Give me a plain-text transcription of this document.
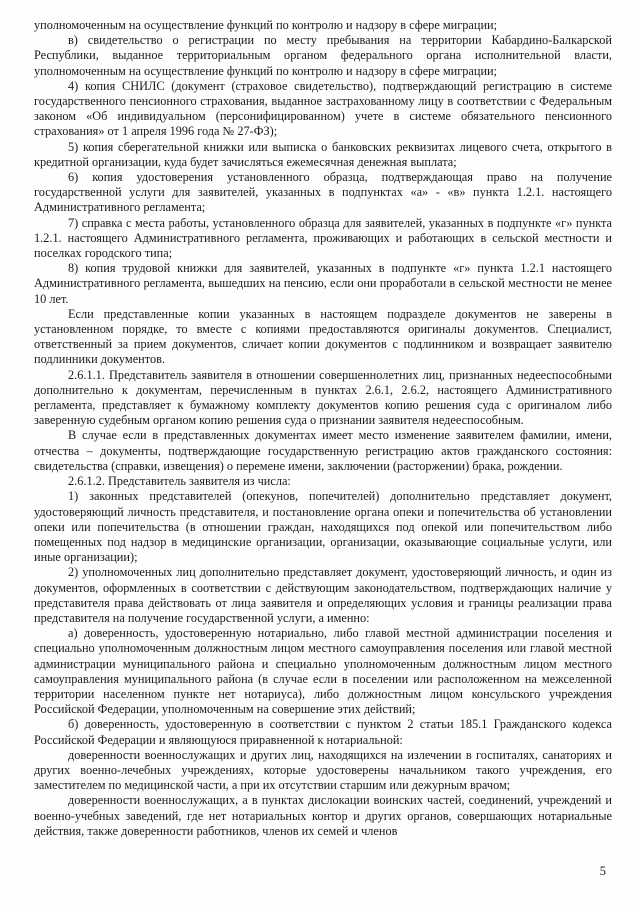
уполномоченным на осуществление функций по контролю и надзору в сфере миграции;

в) свидетельство о регистрации по месту пребывания на территории Кабардино-Балкарской Республики, выданное территориальным органом федерального органа исполнительной власти, уполномоченным на осуществление функций по контролю и надзору в сфере миграции;

4) копия СНИЛС (документ (страховое свидетельство), подтверждающий регистрацию в системе государственного пенсионного страхования, выданное застрахованному лицу в соответствии с Федеральным законом «Об индивидуальном (персонифицированном) учете в системе обязательного пенсионного страхования» от 1 апреля 1996 года № 27-ФЗ);

5) копия сберегательной книжки или выписка о банковских реквизитах лицевого счета, открытого в кредитной организации, куда будет зачисляться ежемесячная денежная выплата;

6) копия удостоверения установленного образца, подтверждающая право на получение государственной услуги для заявителей, указанных в подпунктах «а» - «в» пункта 1.2.1. настоящего Административного регламента;

7) справка с места работы, установленного образца для заявителей, указанных в подпункте «г» пункта 1.2.1. настоящего Административного регламента, проживающих и работающих в сельской местности и поселках городского типа;

8) копия трудовой книжки для заявителей, указанных в подпункте «г» пункта 1.2.1 настоящего Административного регламента, вышедших на пенсию, если они проработали в сельской местности не менее 10 лет.

Если представленные копии указанных в настоящем подразделе документов не заверены в установленном порядке, то вместе с копиями предоставляются оригиналы документов. Специалист, ответственный за прием документов, сличает копии документов с подлинником и возвращает заявителю подлинники документов.

2.6.1.1. Представитель заявителя в отношении совершеннолетних лиц, признанных недееспособными дополнительно к документам, перечисленным в пунктах 2.6.1, 2.6.2, настоящего Административного регламента, представляет к бумажному комплекту документов копию решения суда с оригиналом либо заверенную судебным органом копию решения суда о признании заявителя недееспособным.

В случае если в представленных документах имеет место изменение заявителем фамилии, имени, отчества – документы, подтверждающие государственную регистрацию актов гражданского состояния: свидетельства (справки, извещения) о перемене имени, заключении (расторжении) брака, рождении.

2.6.1.2. Представитель заявителя из числа:

1) законных представителей (опекунов, попечителей) дополнительно представляет документ, удостоверяющий личность представителя, и постановление органа опеки и попечительства об установлении опеки или попечительства (в отношении граждан, находящихся под опекой или попечительством либо помещенных под надзор в медицинские организации, организации, оказывающие социальные услуги, или иные организации);

2) уполномоченных лиц дополнительно представляет документ, удостоверяющий личность, и один из документов, оформленных в соответствии с действующим законодательством, подтверждающих наличие у представителя права действовать от лица заявителя и определяющих условия и границы реализации права представителя на получение государственной услуги, а именно:

а) доверенность, удостоверенную нотариально, либо главой местной администрации поселения и специально уполномоченным должностным лицом местного самоуправления поселения или главой местной администрации муниципального района и специально уполномоченным должностным лицом местного самоуправления муниципального района (в случае если в поселении или расположенном на межселенной территории населенном пункте нет нотариуса), либо должностным лицом консульского учреждения Российской Федерации, уполномоченным на совершение этих действий;

б) доверенность, удостоверенную в соответствии с пунктом 2 статьи 185.1 Гражданского кодекса Российской Федерации и являющуюся приравненной к нотариальной:

доверенности военнослужащих и других лиц, находящихся на излечении в госпиталях, санаториях и других военно-лечебных учреждениях, которые удостоверены начальником такого учреждения, его заместителем по медицинской части, а при их отсутствии старшим или дежурным врачом;

доверенности военнослужащих, а в пунктах дислокации воинских частей, соединений, учреждений и военно-учебных заведений, где нет нотариальных контор и других органов, совершающих нотариальные действия, также доверенности работников, членов их семей и членов

5
